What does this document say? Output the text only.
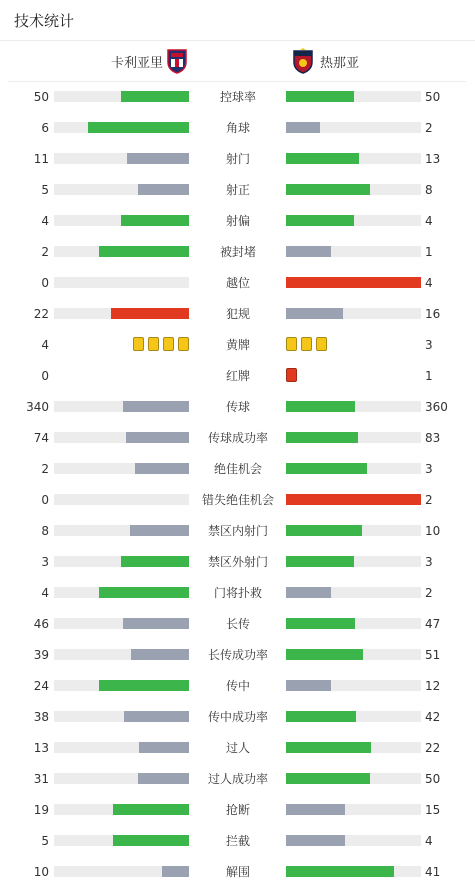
技术统计
卡利亚里	热那亚
50	控球率	50
6	角球	2
11	射门	13
5	射正	8
4	射偏	4
2	被封堵	1
0	越位	4
22	犯规	16
4	黄牌	3
0	红牌	1
340	传球	360
74	传球成功率	83
2	绝佳机会	3
0	错失绝佳机会	2
8	禁区内射门	10
3	禁区外射门	3
4	门将扑救	2
46	长传	47
39	长传成功率	51
24	传中	12
38	传中成功率	42
13	过人	22
31	过人成功率	50
19	抢断	15
5	拦截	4
10	解围	41
